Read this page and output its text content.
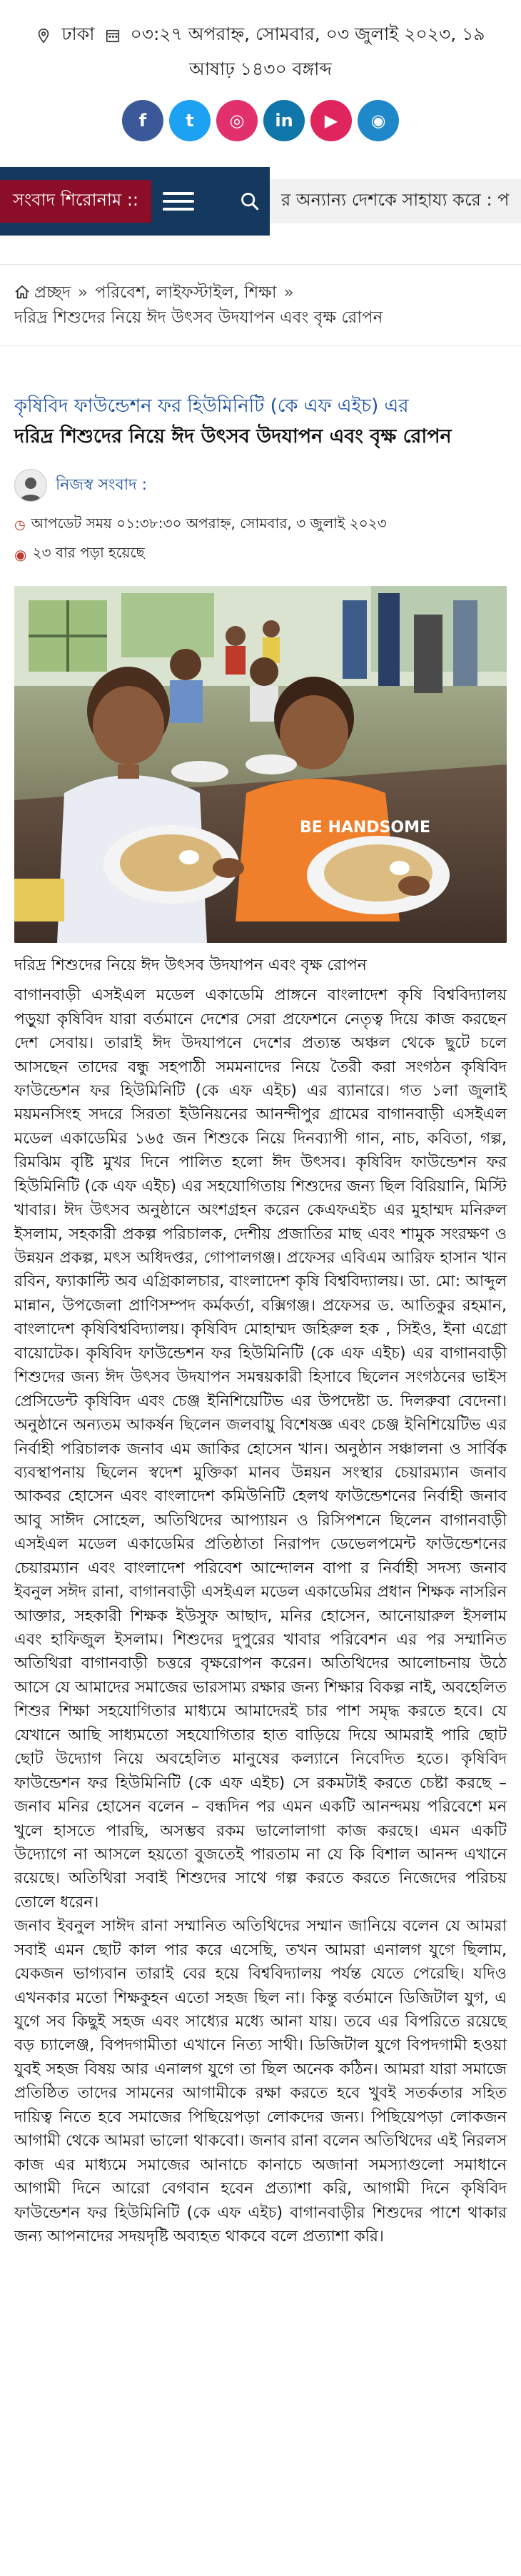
ঢাকা ০৩:২৭ অপরাহ্ন, সোমবার, ০৩ জুলাই ২০২৩, ১৯
আষাঢ় ১৪৩০ বঙ্গাব্দ
f	t	◎	in	▶	◉
সংবাদ শিরোনাম ::	র অন্যান্য দেশকে সাহায্য করে : প
প্রচ্ছদ » পরিবেশ, লাইফস্টাইল, শিক্ষা »
দরিদ্র শিশুদের নিয়ে ঈদ উৎসব উদযাপন এবং বৃক্ষ রোপন
কৃষিবিদ ফাউন্ডেশন ফর হিউমিনিটি (কে এফ এইচ) এর
দরিদ্র শিশুদের নিয়ে ঈদ উৎসব উদযাপন এবং বৃক্ষ রোপন
নিজস্ব সংবাদ :
◷ আপডেট সময় ০১:৩৮:৩০ অপরাহ্ন, সোমবার, ৩ জুলাই ২০২৩
◉ ২৩ বার পড়া হয়েছে
BE HANDSOME
দরিদ্র শিশুদের নিয়ে ঈদ উৎসব উদযাপন এবং বৃক্ষ রোপন

বাগানবাড়ী এসইএল মডেল একাডেমি প্রাঙ্গনে বাংলাদেশ কৃষি বিশ্ববিদ্যালয় পড়ুয়া কৃষিবিদ যারা বর্তমানে দেশের সেরা প্রফেশনে নেতৃত্ব দিয়ে কাজ করছেন দেশ সেবায়। তারাই ঈদ উদযাপনে দেশের প্রত্যন্ত অঞ্চল থেকে ছুটে চলে আসছেন তাদের বন্ধু সহপাঠী সমমনাদের নিয়ে তৈরী করা সংগঠন কৃষিবিদ ফাউন্ডেশন ফর হিউমিনিটি (কে এফ এইচ) এর ব্যানারে। গত ১লা জুলাই ময়মনসিংহ সদরে সিরতা ইউনিয়নের আনন্দীপুর গ্রামের বাগানবাড়ী এসইএল মডেল একাডেমির ১৬৫ জন শিশুকে নিয়ে দিনব্যাপী গান, নাচ, কবিতা, গল্প, রিমঝিম বৃষ্টি মুখর দিনে পালিত হলো ঈদ উৎসব। কৃষিবিদ ফাউন্ডেশন ফর হিউমিনিটি (কে এফ এইচ) এর সহযোগিতায় শিশুদের জন্য ছিল বিরিয়ানি, মিস্টি খাবার। ঈদ উৎসব অনুষ্ঠানে অংশগ্রহন করেন কেএফএইচ এর মুহাম্মদ মনিরুল ইসলাম, সহকারী প্রকল্প পরিচালক, দেশীয় প্রজাতির মাছ এবং শামুক সংরক্ষণ ও উন্নয়ন প্রকল্প, মৎস অধিদপ্তর, গোপালগঞ্জ। প্রফেসর এবিএম আরিফ হাসান খান রবিন, ফ্যাকাল্টি অব এগ্রিকালচার, বাংলাদেশ কৃষি বিশ্ববিদ্যালয়। ডা. মো: আব্দুল মান্নান, উপজেলা প্রাণিসম্পদ কর্মকর্তা, বক্সিগঞ্জ। প্রফেসর ড. আতিকুর রহমান, বাংলাদেশ কৃষিবিশ্ববিদ্যালয়। কৃষিবিদ মোহাম্মদ জহিরুল হক , সিইও, ইনা এগ্রো বায়োটেক। কৃষিবিদ ফাউন্ডেশন ফর হিউমিনিটি (কে এফ এইচ) এর বাগানবাড়ী শিশুদের জন্য ঈদ উৎসব উদযাপন সমন্বয়কারী হিসাবে ছিলেন সংগঠনের ভাইস প্রেসিডেন্ট কৃষিবিদ এবং চেঞ্জ ইনিশিয়েটিভ এর উপদেষ্টা ড. দিলরুবা বেদেনা। অনুষ্ঠানে অন্যতম আকর্ষন ছিলেন জলবায়ু বিশেষজ্ঞ এবং চেঞ্জ ইনিশিয়েটিভ এর নির্বাহী পরিচালক জনাব এম জাকির হোসেন খান। অনুষ্ঠান সঞ্চালনা ও সার্বিক ব্যবস্থাপনায় ছিলেন স্বদেশ মুক্তিকা মানব উন্নয়ন সংস্থার চেয়ারম্যান জনাব আকবর হোসেন এবং বাংলাদেশ কমিউনিটি হেলথ ফাউন্ডেশনের নির্বাহী জনাব আবু সাঈদ সোহেল, অতিথিদের আপ্যায়ন ও রিসিপশনে ছিলেন বাগানবাড়ী এসইএল মডেল একাডেমির প্রতিষ্ঠাতা নিরাপদ ডেভেলপমেন্ট ফাউন্ডেশনের চেয়ারম্যান এবং বাংলাদেশ পরিবেশ আন্দোলন বাপা র নির্বাহী সদস্য জনাব ইবনুল সঈদ রানা, বাগানবাড়ী এসইএল মডেল একাডেমির প্রধান শিক্ষক নাসরিন আক্তার, সহকারী শিক্ষক ইউসুফ আছাদ, মনির হোসেন, আনোয়ারুল ইসলাম এবং হাফিজুল ইসলাম। শিশুদের দুপুরের খাবার পরিবেশন এর পর সম্মানিত অতিথিরা বাগানবাড়ী চত্তরে বৃক্ষরোপন করেন। অতিথিদের আলোচনায় উঠে আসে যে আমাদের সমাজের ভারসাম্য রক্ষার জন্য শিক্ষার বিকল্প নাই, অবহেলিত শিশুর শিক্ষা সহযোগিতার মাধ্যমে আমাদেরই চার পাশ সমৃদ্ধ করতে হবে। যে যেখানে আছি সাধ্যমতো সহযোগিতার হাত বাড়িয়ে দিয়ে আমরাই পারি ছোট ছোট উদ্যোগ নিয়ে অবহেলিত মানুষের কল্যানে নিবেদিত হতে। কৃষিবিদ ফাউন্ডেশন ফর হিউমিনিটি (কে এফ এইচ) সে রকমটাই করতে চেষ্টা করছে – জনাব মনির হোসেন বলেন – বন্ধদিন পর এমন একটি আনন্দময় পরিবেশে মন খুলে হাসতে পারছি, অসম্ভব রকম ভালোলাগা কাজ করছে। এমন একটি উদ্যোগে না আসলে হয়তো বুজতেই পারতাম না যে কি বিশাল আনন্দ এখানে রয়েছে। অতিথিরা সবাই শিশুদের সাথে গল্প করতে করতে নিজেদের পরিচয় তোলে ধরেন।

জনাব ইবনুল সাঈদ রানা সম্মানিত অতিথিদের সম্মান জানিয়ে বলেন যে আমরা সবাই এমন ছোট কাল পার করে এসেছি, তখন আমরা এনালগ যুগে ছিলাম, যেকজন ভাগ্যবান তারাই বের হয়ে বিশ্ববিদ্যালয় পর্যন্ত যেতে পেরেছি। যদিও এখনকার মতো শিক্ষকুহন এতো সহজ ছিল না। কিন্তু বর্তমানে ডিজিটাল যুগ, এ যুগে সব কিছুই সহজ এবং সাধ্যের মধ্যে আনা যায়। তবে এর বিপরিতে রয়েছে বড় চ্যালেঞ্জ, বিপদগামীতা এখানে নিত্য সাথী। ডিজিটাল যুগে বিপদগামী হওয়া যুবই সহজ বিষয় আর এনালগ যুগে তা ছিল অনেক কঠিন। আমরা যারা সমাজে প্রতিষ্ঠিত তাদের সামনের আগামীকে রক্ষা করতে হবে খুবই সতর্কতার সহিত দায়িত্ব নিতে হবে সমাজের পিছিয়েপড়া লোকদের জন্য। পিছিয়েপড়া লোকজন আগামী থেকে আমরা ভালো থাকবো। জনাব রানা বলেন অতিথিদের এই নিরলস কাজ এর মাধ্যমে সমাজের আনাচে কানাচে অজানা সমস্যাগুলো সমাধানে আগামী দিনে আরো বেগবান হবেন প্রত্যাশা করি, আগামী দিনে কৃষিবিদ ফাউন্ডেশন ফর হিউমিনিটি (কে এফ এইচ) বাগানবাড়ীর শিশুদের পাশে থাকার জন্য আপনাদের সদয়দৃষ্টি অব্যহত থাকবে বলে প্রত্যাশা করি।
